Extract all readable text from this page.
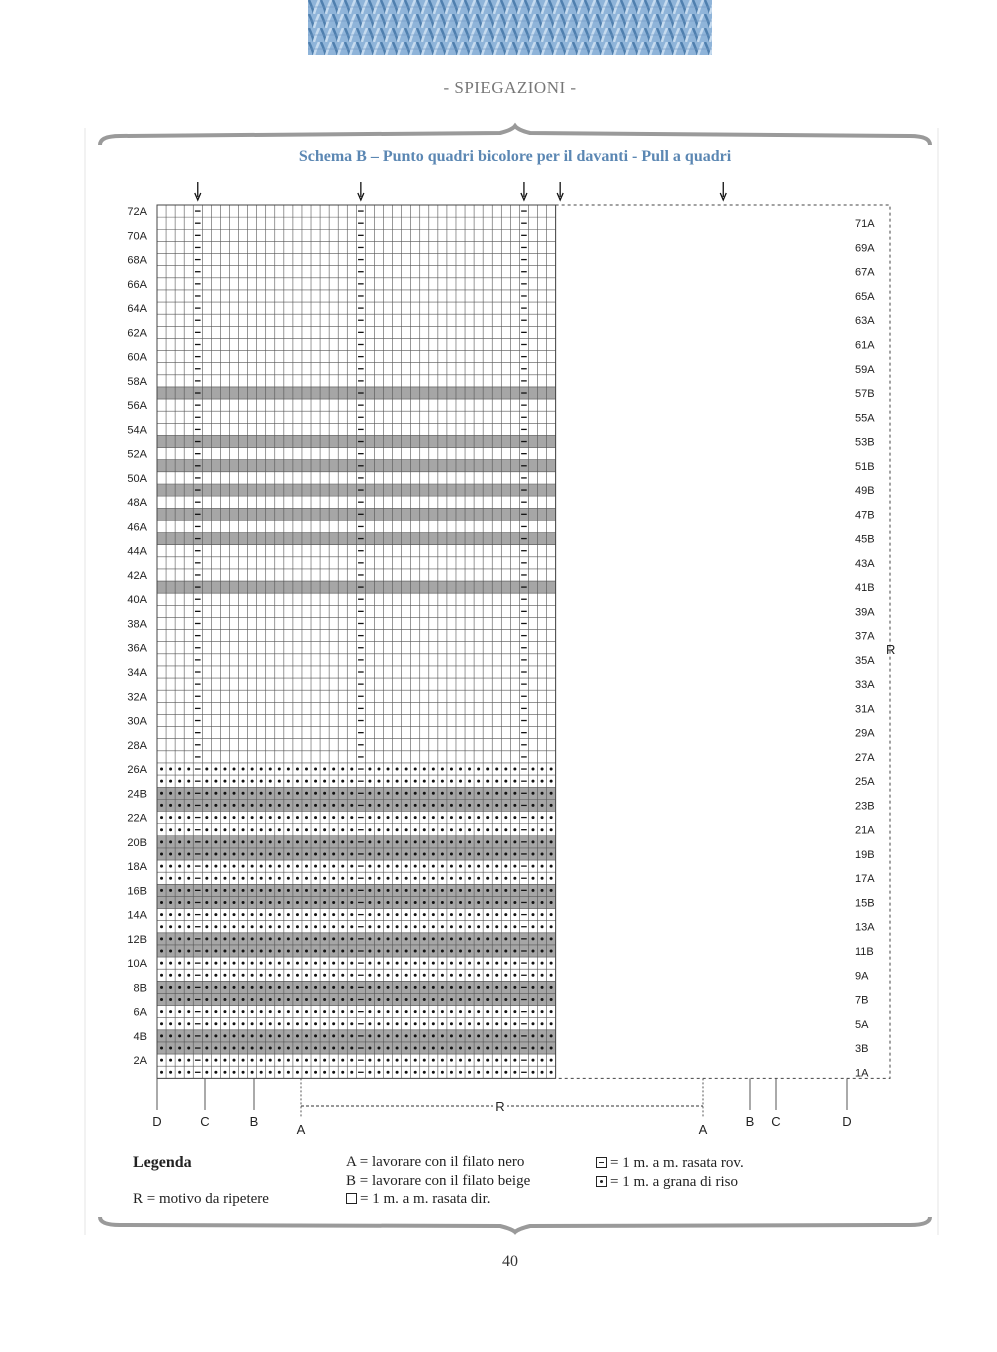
- SPIEGAZIONI -
Schema B – Punto quadri bicolore per il davanti - Pull a quadri
72A
70A
68A
66A
64A
62A
60A
58A
56A
54A
52A
50A
48A
46A
44A
42A
40A
38A
36A
34A
32A
30A
28A
26A
24B
22A
20B
18A
16B
14A
12B
10A
8B
6A
4B
2A
71A
69A
67A
65A
63A
61A
59A
57B
55A
53B
51B
49B
47B
45B
43A
41B
39A
37A
35A
33A
31A
29A
27A
25A
23B
21A
19B
17A
15B
13A
11B
9A
7B
5A
3B
1A
R
D	C	B
A	A
B C	D
R
Legenda
R = motivo da ripetere
A = lavorare con il filato nero
B = lavorare con il filato beige
= 1 m. a m. rasata dir.
= 1 m. a m. rasata rov.
= 1 m. a grana di riso
40
